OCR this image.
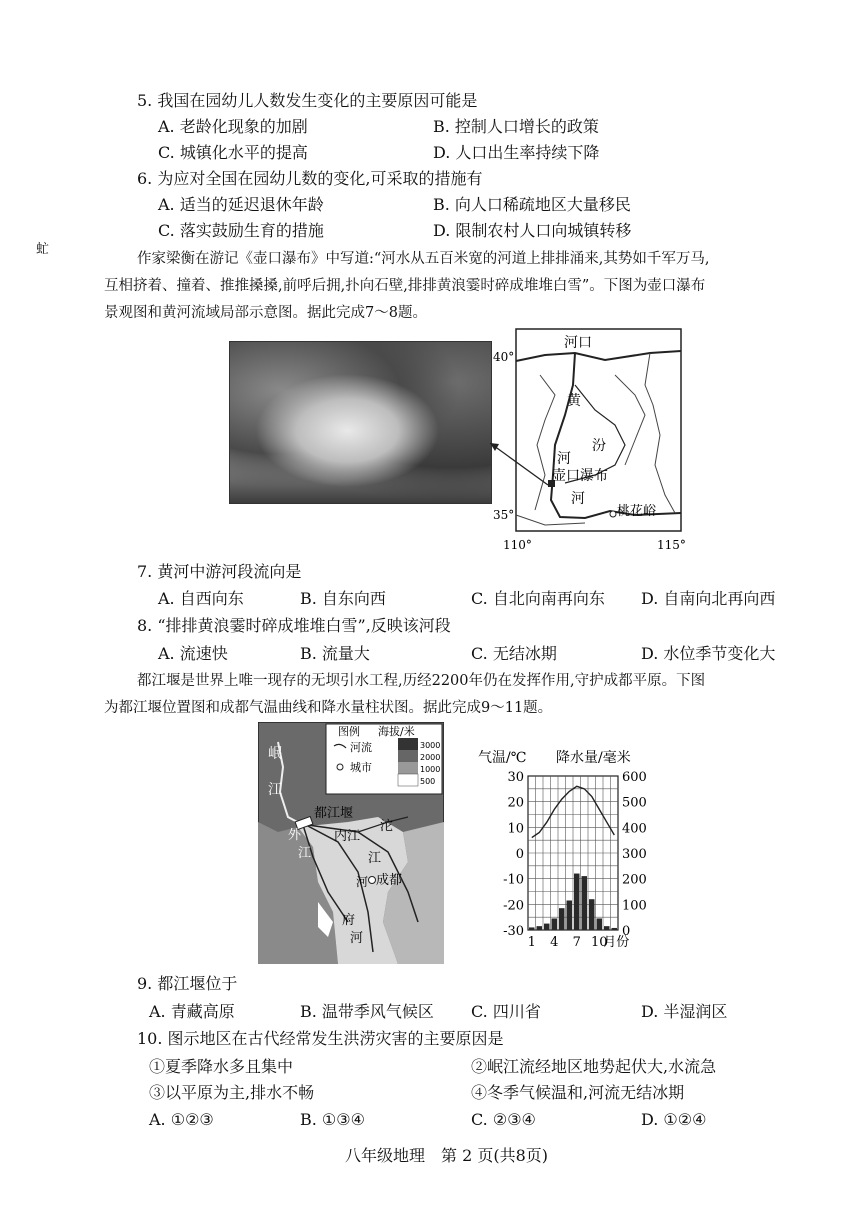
虻
5. 我国在园幼儿人数发生变化的主要原因可能是
A. 老龄化现象的加剧	B. 控制人口增长的政策
C. 城镇化水平的提高	D. 人口出生率持续下降
6. 为应对全国在园幼儿数的变化,可采取的措施有
A. 适当的延迟退休年龄	B. 向人口稀疏地区大量移民
C. 落实鼓励生育的措施	D. 限制农村人口向城镇转移
作家梁衡在游记《壶口瀑布》中写道:“河水从五百米宽的河道上排排涌来,其势如千军万马,
互相挤着、撞着、推推搡搡,前呼后拥,扑向石壁,排排黄浪霎时碎成堆堆白雪”。下图为壶口瀑布
景观图和黄河流域局部示意图。据此完成7～8题。
河口
40°
35°
110°	115°
黄
河
汾
壶口瀑布
河
桃花峪
7. 黄河中游河段流向是
A. 自西向东	B. 自东向西	C. 自北向南再向东 D. 自南向北再向西
8. “排排黄浪霎时碎成堆堆白雪”,反映该河段
A. 流速快	B. 流量大	C. 无结冰期	D. 水位季节变化大
都江堰是世界上唯一现存的无坝引水工程,历经2200年仍在发挥作用,守护成都平原。下图
为都江堰位置图和成都气温曲线和降水量柱状图。据此完成9～11题。
图例 海拔/米
河流
城市
3000
2000
1000
500
岷
江
都江堰
外
江
内江
沱
江
河 成都
府
河
气温/℃ 降水量/毫米
30
20
10
0
-10
-20
-30
600
500
400
300
200
100
0
1 4 7 10
月份
9. 都江堰位于
A. 青藏高原	B. 温带季风气候区 C. 四川省	D. 半湿润区
10. 图示地区在古代经常发生洪涝灾害的主要原因是
①夏季降水多且集中	②岷江流经地区地势起伏大,水流急
③以平原为主,排水不畅	④冬季气候温和,河流无结冰期
A. ①②③	B. ①③④	C. ②③④	D. ①②④
八年级地理　第 2 页(共8页)
